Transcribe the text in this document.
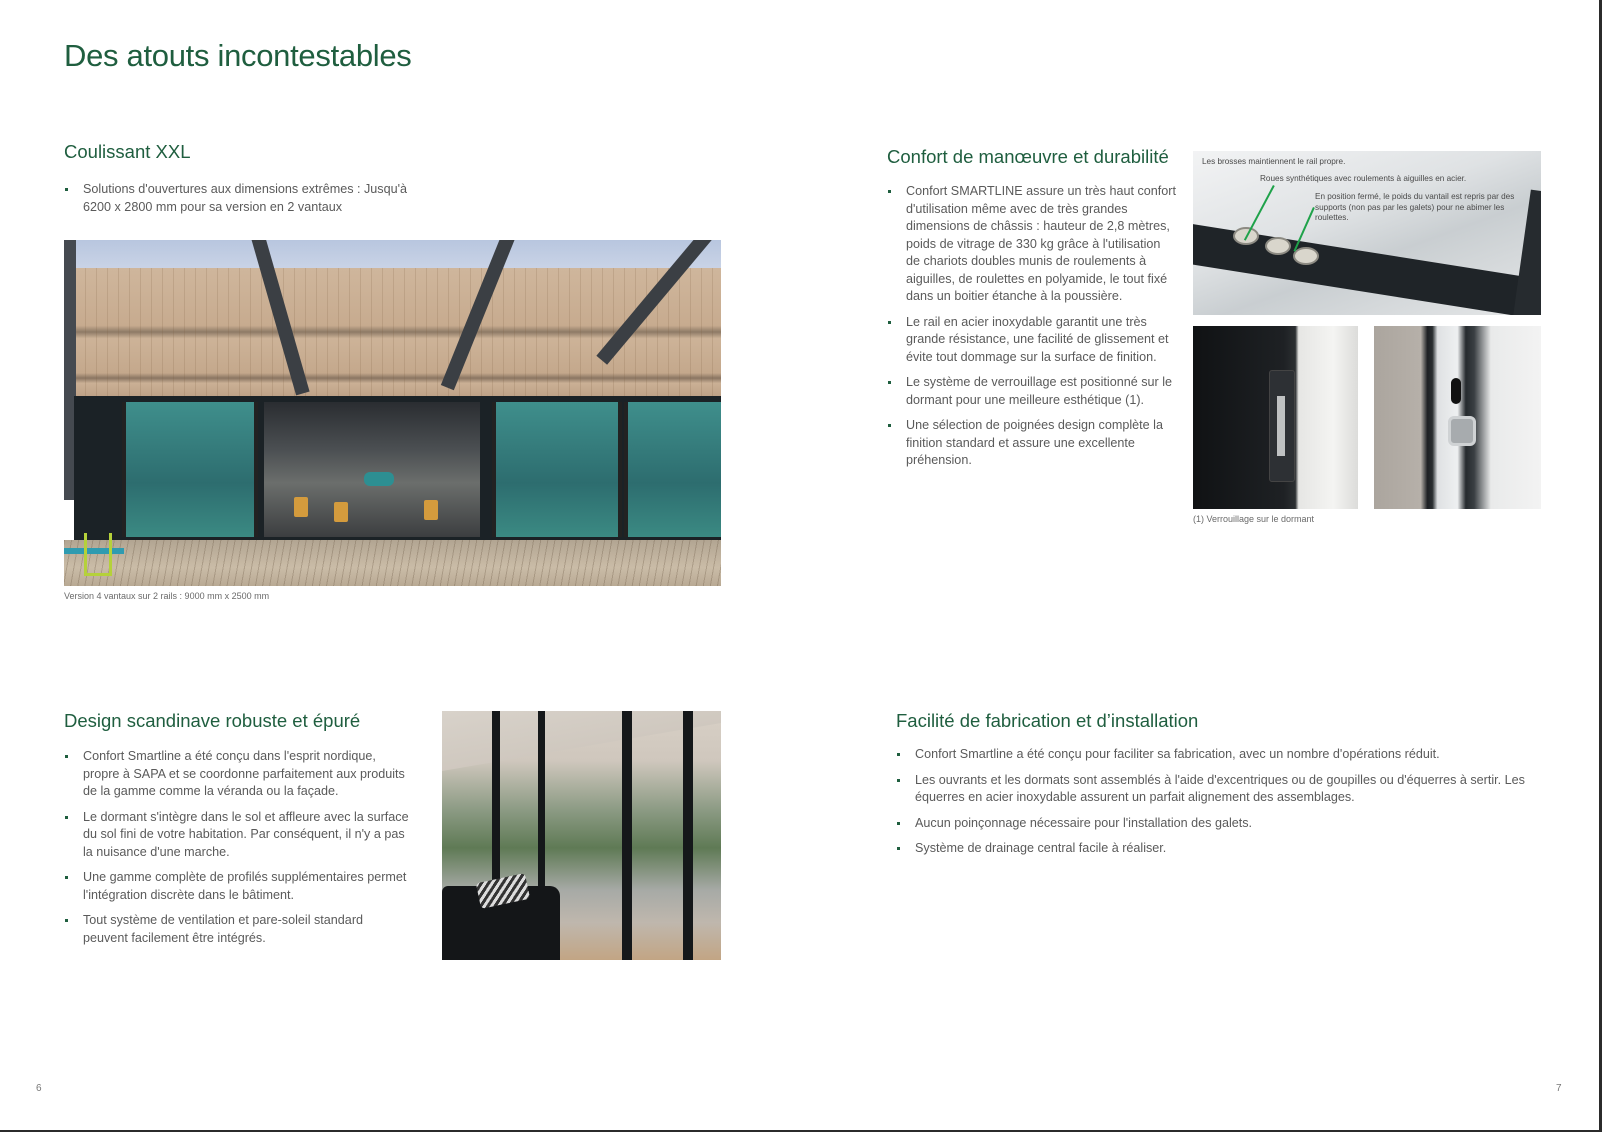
Des atouts incontestables
Coulissant XXL
Solutions d'ouvertures aux dimensions extrêmes : Jusqu'à 6200 x 2800 mm pour sa version en 2 vantaux
Version 4 vantaux sur 2 rails : 9000 mm x 2500 mm
Confort de manœuvre et durabilité
Confort SMARTLINE assure un très haut confort d'utilisation même avec de très grandes dimensions de châssis : hauteur de 2,8 mètres, poids de vitrage de 330 kg grâce à l'utilisation de chariots doubles munis de roulements à aiguilles, de roulettes en polyamide, le tout fixé dans un boitier étanche à la poussière.
Le rail en acier inoxydable garantit une très grande résistance, une facilité de glissement et évite tout dommage sur la surface de finition.
Le système de verrouillage est positionné sur le dormant pour une meilleure esthétique (1).
Une sélection de poignées design complète la finition standard et assure une excellente préhension.
Les brosses maintiennent le rail propre.
Roues synthétiques avec roulements à aiguilles en acier.
En position fermé, le poids du vantail est repris par des supports (non pas par les galets) pour ne abimer les roulettes.
(1) Verrouillage sur le dormant
Design scandinave robuste et épuré
Confort Smartline a été conçu dans l'esprit nordique, propre à SAPA et se coordonne parfaitement aux produits de la gamme comme la véranda ou la façade.
Le dormant s'intègre dans le sol et affleure avec la surface du sol fini de votre habitation. Par conséquent, il n'y a pas la nuisance d'une marche.
Une gamme complète de profilés supplémentaires permet l'intégration discrète dans le bâtiment.
Tout système de ventilation et pare-soleil standard peuvent facilement être intégrés.
Facilité de fabrication et d’installation
Confort Smartline a été conçu pour faciliter sa fabrication, avec un nombre d'opérations réduit.
Les ouvrants et les dormats sont assemblés à l'aide d'excentriques ou de goupilles ou d'équerres à sertir. Les équerres en acier inoxydable assurent un parfait alignement des assemblages.
Aucun poinçonnage nécessaire pour l'installation des galets.
Système de drainage central facile à réaliser.
6	7
